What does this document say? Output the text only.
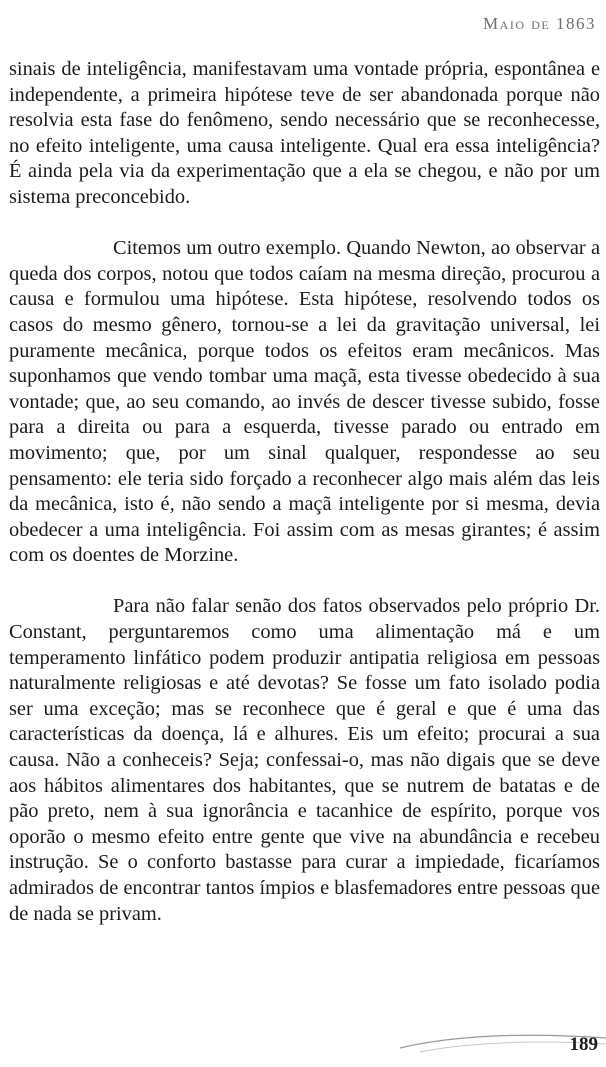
Maio de 1863

sinais de inteligência, manifestavam uma vontade própria, espontânea e independente, a primeira hipótese teve de ser abandonada porque não resolvia esta fase do fenômeno, sendo necessário que se reconhecesse, no efeito inteligente, uma causa inteligente. Qual era essa inteligência? É ainda pela via da experimentação que a ela se chegou, e não por um sistema preconcebido.

Citemos um outro exemplo. Quando Newton, ao observar a queda dos corpos, notou que todos caíam na mesma direção, procurou a causa e formulou uma hipótese. Esta hipótese, resolvendo todos os casos do mesmo gênero, tornou-se a lei da gravitação universal, lei puramente mecânica, porque todos os efeitos eram mecânicos. Mas suponhamos que vendo tombar uma maçã, esta tivesse obedecido à sua vontade; que, ao seu comando, ao invés de descer tivesse subido, fosse para a direita ou para a esquerda, tivesse parado ou entrado em movimento; que, por um sinal qualquer, respondesse ao seu pensamento: ele teria sido forçado a reconhecer algo mais além das leis da mecânica, isto é, não sendo a maçã inteligente por si mesma, devia obedecer a uma inteligência. Foi assim com as mesas girantes; é assim com os doentes de Morzine.

Para não falar senão dos fatos observados pelo próprio Dr. Constant, perguntaremos como uma alimentação má e um temperamento linfático podem produzir antipatia religiosa em pessoas naturalmente religiosas e até devotas? Se fosse um fato isolado podia ser uma exceção; mas se reconhece que é geral e que é uma das características da doença, lá e alhures. Eis um efeito; procurai a sua causa. Não a conheceis? Seja; confessai-o, mas não digais que se deve aos hábitos alimentares dos habitantes, que se nutrem de batatas e de pão preto, nem à sua ignorância e tacanhice de espírito, porque vos oporão o mesmo efeito entre gente que vive na abundância e recebeu instrução. Se o conforto bastasse para curar a impiedade, ficaríamos admirados de encontrar tantos ímpios e blasfemadores entre pessoas que de nada se privam.

189
